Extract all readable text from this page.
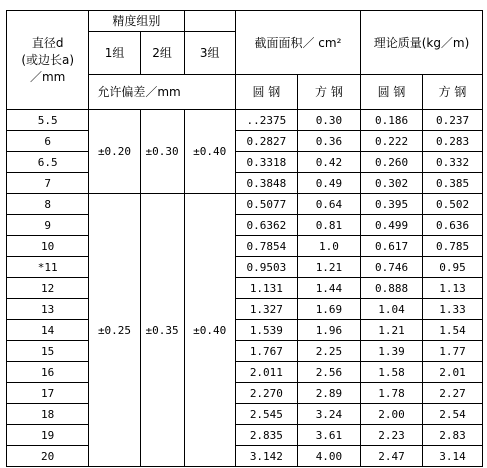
直径d
(或边长a)
／mm	精度组别			截面面积／ cm²		理论质量(kg／m)	
	1组	2组	3组				
	允许偏差／mm			圆 钢	方 钢	圆 钢	方 钢
5.5	±0.20	±0.30	±0.40	..2375	0.30	0.186	0.237
6				0.2827	0.36	0.222	0.283
6.5				0.3318	0.42	0.260	0.332
7				0.3848	0.49	0.302	0.385
8	±0.25	±0.35	±0.40	0.5077	0.64	0.395	0.502
9				0.6362	0.81	0.499	0.636
10				0.7854	1.0	0.617	0.785
*11				0.9503	1.21	0.746	0.95
12				1.131	1.44	0.888	1.13
13				1.327	1.69	1.04	1.33
14				1.539	1.96	1.21	1.54
15				1.767	2.25	1.39	1.77
16				2.011	2.56	1.58	2.01
17				2.270	2.89	1.78	2.27
18				2.545	3.24	2.00	2.54
19				2.835	3.61	2.23	2.83
20				3.142	4.00	2.47	3.14
